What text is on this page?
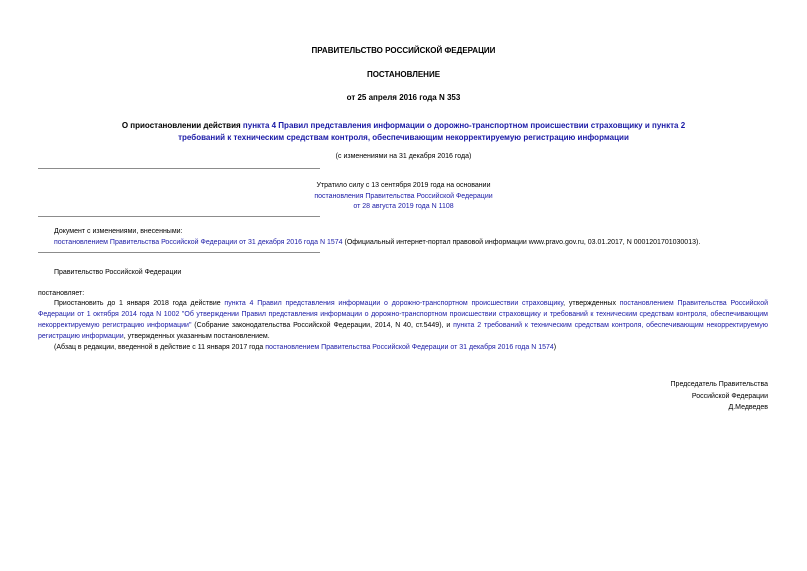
ПРАВИТЕЛЬСТВО РОССИЙСКОЙ ФЕДЕРАЦИИ
ПОСТАНОВЛЕНИЕ
от 25 апреля 2016 года N 353
О приостановлении действия пункта 4 Правил представления информации о дорожно-транспортном происшествии страховщику и пункта 2 требований к техническим средствам контроля, обеспечивающим некорректируемую регистрацию информации
(с изменениями на 31 декабря 2016 года)
Утратило силу с 13 сентября 2019 года на основании
постановления Правительства Российской Федерации
от 28 августа 2019 года N 1108
Документ с изменениями, внесенными:
постановлением Правительства Российской Федерации от 31 декабря 2016 года N 1574 (Официальный интернет-портал правовой информации www.pravo.gov.ru, 03.01.2017, N 0001201701030013).
Правительство Российской Федерации
постановляет:
Приостановить до 1 января 2018 года действие пункта 4 Правил представления информации о дорожно-транспортном происшествии страховщику, утвержденных постановлением Правительства Российской Федерации от 1 октября 2014 года N 1002 "Об утверждении Правил представления информации о дорожно-транспортном происшествии страховщику и требований к техническим средствам контроля, обеспечивающим некорректируемую регистрацию информации" (Собрание законодательства Российской Федерации, 2014, N 40, ст.5449), и пункта 2 требований к техническим средствам контроля, обеспечивающим некорректируемую регистрацию информации, утвержденных указанным постановлением.
(Абзац в редакции, введенной в действие с 11 января 2017 года постановлением Правительства Российской Федерации от 31 декабря 2016 года N 1574)
Председатель Правительства
Российской Федерации
Д.Медведев
